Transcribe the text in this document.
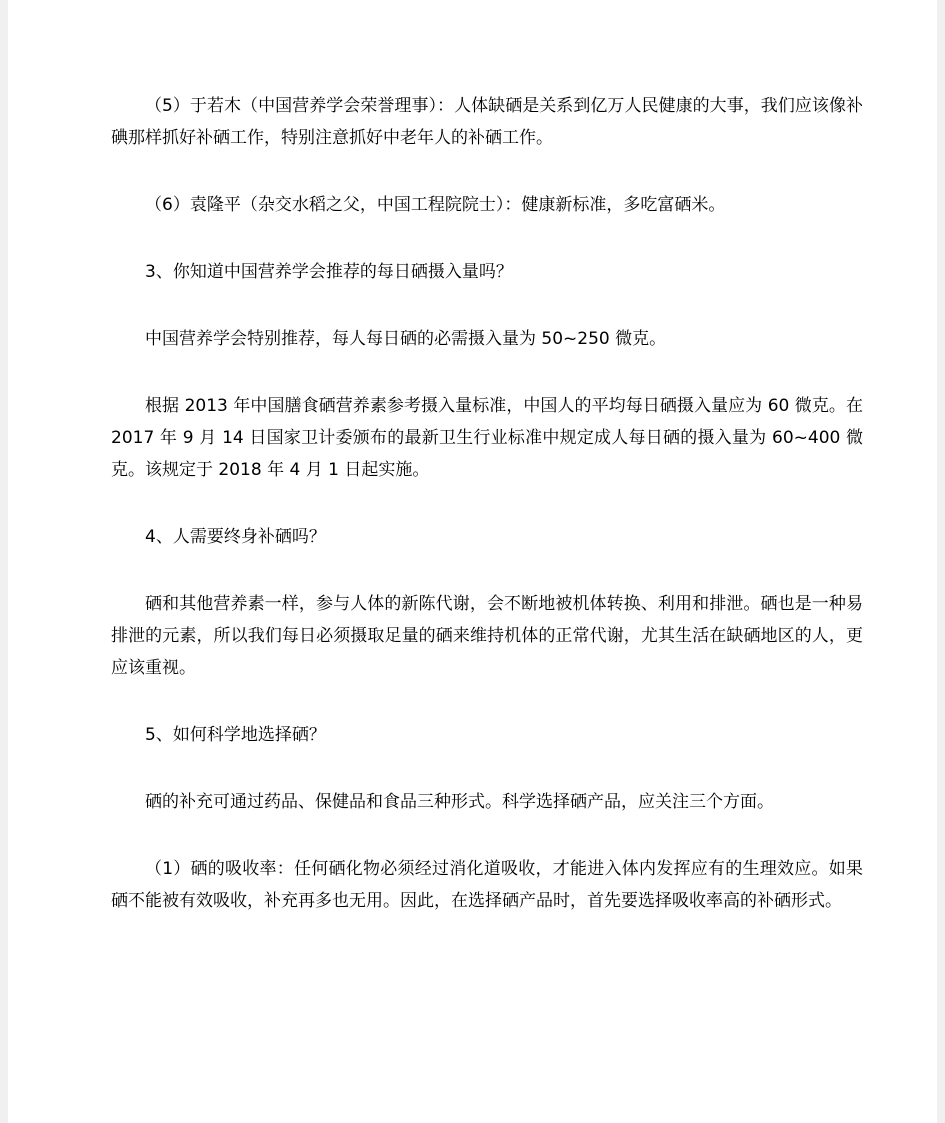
（5）于若木（中国营养学会荣誉理事）：人体缺硒是关系到亿万人民健康的大事，我们应该像补碘那样抓好补硒工作，特别注意抓好中老年人的补硒工作。

（6）袁隆平（杂交水稻之父，中国工程院院士）：健康新标准，多吃富硒米。

3、你知道中国营养学会推荐的每日硒摄入量吗？

中国营养学会特别推荐，每人每日硒的必需摄入量为 50~250 微克。

根据 2013 年中国膳食硒营养素参考摄入量标准，中国人的平均每日硒摄入量应为 60 微克。在 2017 年 9 月 14 日国家卫计委颁布的最新卫生行业标准中规定成人每日硒的摄入量为 60~400 微克。该规定于 2018 年 4 月 1 日起实施。

4、人需要终身补硒吗？

硒和其他营养素一样，参与人体的新陈代谢，会不断地被机体转换、利用和排泄。硒也是一种易排泄的元素，所以我们每日必须摄取足量的硒来维持机体的正常代谢，尤其生活在缺硒地区的人，更应该重视。

5、如何科学地选择硒？

硒的补充可通过药品、保健品和食品三种形式。科学选择硒产品，应关注三个方面。

（1）硒的吸收率：任何硒化物必须经过消化道吸收，才能进入体内发挥应有的生理效应。如果硒不能被有效吸收，补充再多也无用。因此，在选择硒产品时，首先要选择吸收率高的补硒形式。
